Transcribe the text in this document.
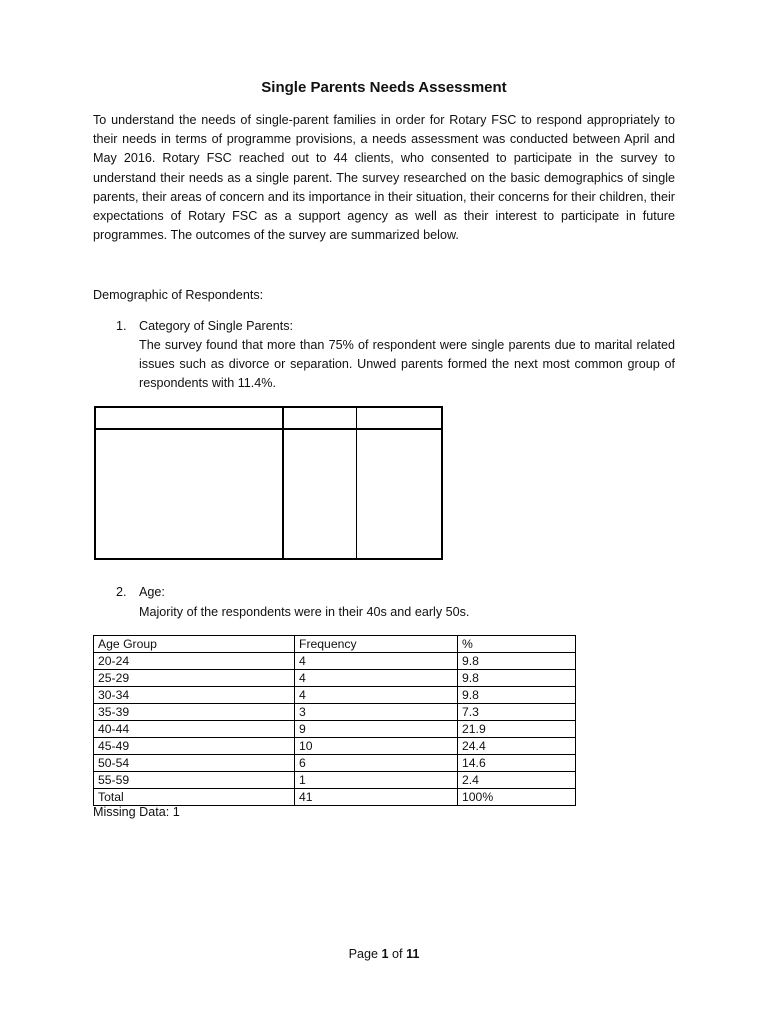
Single Parents Needs Assessment

To understand the needs of single-parent families in order for Rotary FSC to respond appropriately to their needs in terms of programme provisions, a needs assessment was conducted between April and May 2016. Rotary FSC reached out to 44 clients, who consented to participate in the survey to understand their needs as a single parent. The survey researched on the basic demographics of single parents, their areas of concern and its importance in their situation, their concerns for their children, their expectations of Rotary FSC as a support agency as well as their interest to participate in future programmes. The outcomes of the survey are summarized below.

Demographic of Respondents:
1. Category of Single Parents:

The survey found that more than 75% of respondent were single parents due to marital related issues such as divorce or separation. Unwed parents formed the next most common group of respondents with 11.4%.

2. Age:

Majority of the respondents were in their 40s and early 50s.

Age Group	Frequency	%
20-24	4	9.8
25-29	4	9.8
30-34	4	9.8
35-39	3	7.3
40-44	9	21.9
45-49	10	24.4
50-54	6	14.6
55-59	1	2.4
Total	41	100%
Missing Data: 1
Page 1 of 11
